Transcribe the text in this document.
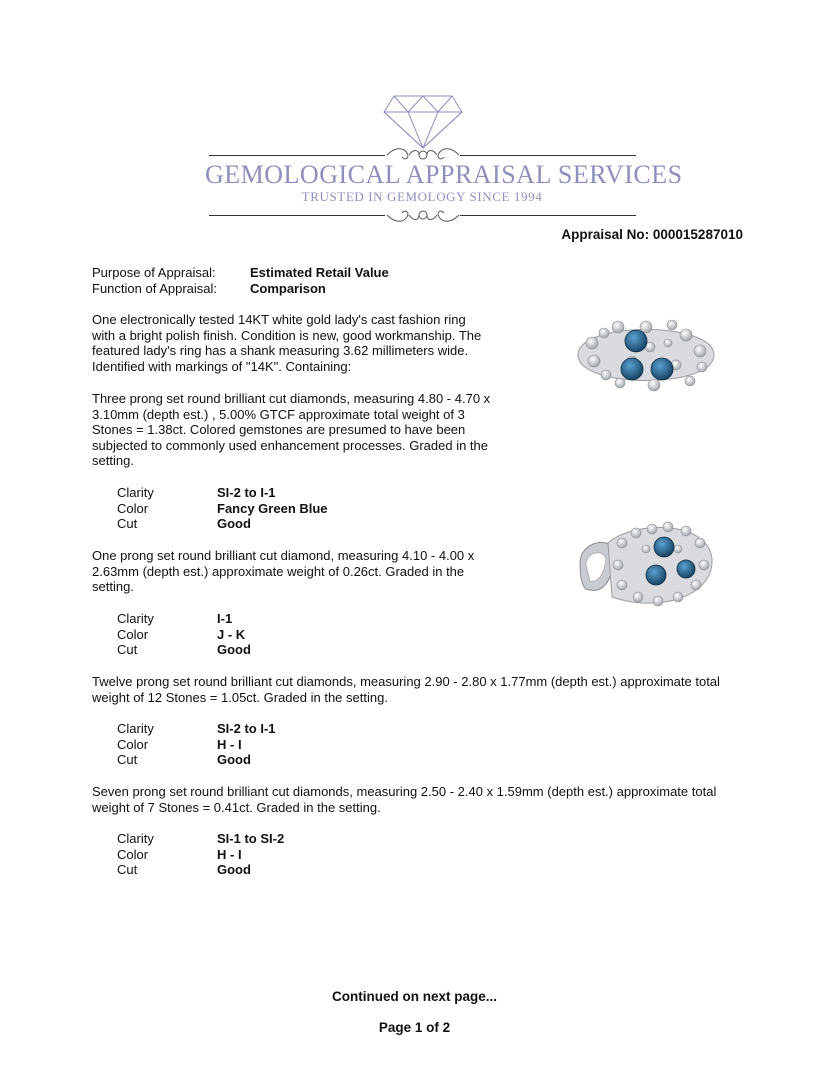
GEMOLOGICAL APPRAISAL SERVICES
TRUSTED IN GEMOLOGY SINCE 1994
Appraisal No: 000015287010
Purpose of Appraisal:	Estimated Retail Value
Function of Appraisal:	Comparison
One electronically tested 14KT white gold lady's cast fashion ring with a bright polish finish. Condition is new, good workmanship. The featured lady's ring has a shank measuring 3.62 millimeters wide. Identified with markings of "14K". Containing:
Three prong set round brilliant cut diamonds, measuring 4.80 - 4.70 x 3.10mm (depth est.) , 5.00% GTCF approximate total weight of 3 Stones = 1.38ct. Colored gemstones are presumed to have been subjected to commonly used enhancement processes. Graded in the setting.
Clarity	SI-2 to I-1
Color	Fancy Green Blue
Cut	Good
One prong set round brilliant cut diamond, measuring 4.10 - 4.00 x 2.63mm (depth est.) approximate weight of 0.26ct. Graded in the setting.
Clarity	I-1
Color	J - K
Cut	Good
Twelve prong set round brilliant cut diamonds, measuring 2.90 - 2.80 x 1.77mm (depth est.) approximate total weight of 12 Stones = 1.05ct. Graded in the setting.
Clarity	SI-2 to I-1
Color	H - I
Cut	Good
Seven prong set round brilliant cut diamonds, measuring 2.50 - 2.40 x 1.59mm (depth est.) approximate total weight of 7 Stones = 0.41ct. Graded in the setting.
Clarity	SI-1 to SI-2
Color	H - I
Cut	Good
Continued on next page...
Page 1 of 2
